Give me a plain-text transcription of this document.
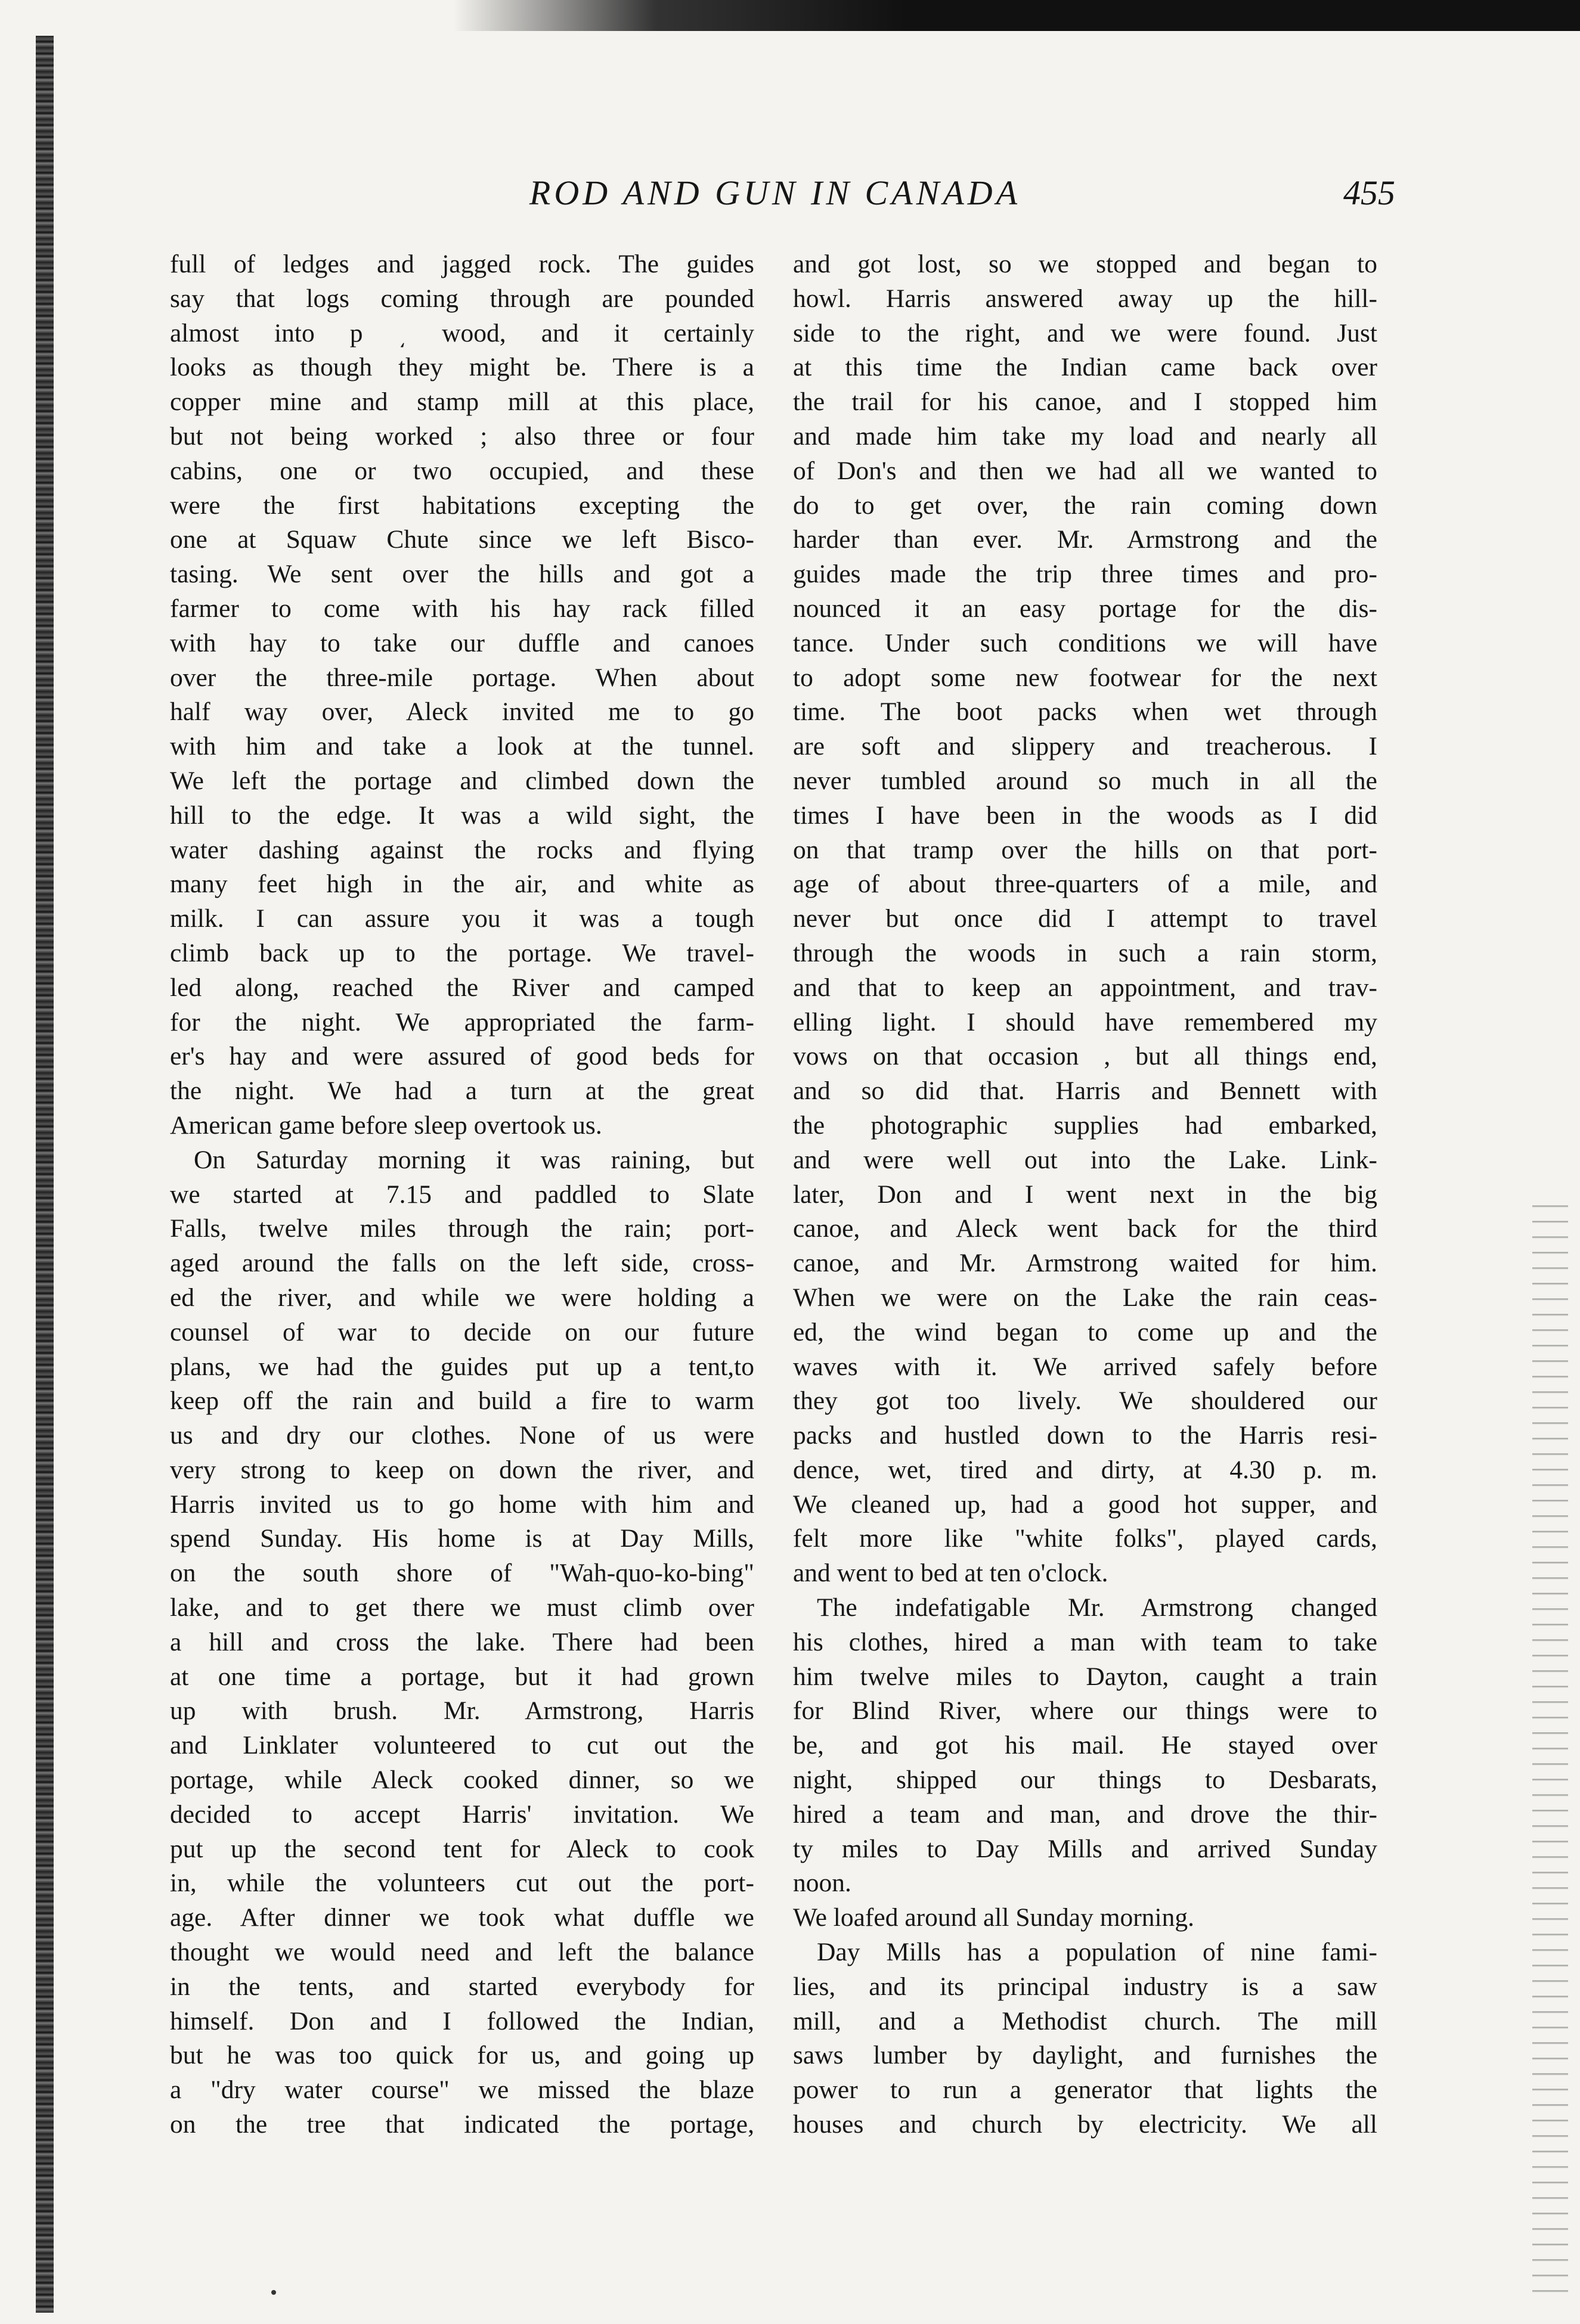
ROD AND GUN IN CANADA	455
full of ledges and jagged rock. The guides
say that logs coming through are pounded
almost into p ͵ wood, and it certainly
looks as though they might be. There is a
copper mine and stamp mill at this place,
but not being worked ; also three or four
cabins, one or two occupied, and these
were the first habitations excepting the
one at Squaw Chute since we left Bisco-
tasing. We sent over the hills and got a
farmer to come with his hay rack filled
with hay to take our duffle and canoes
over the three-mile portage. When about
half way over, Aleck invited me to go
with him and take a look at the tunnel.
We left the portage and climbed down the
hill to the edge. It was a wild sight, the
water dashing against the rocks and flying
many feet high in the air, and white as
milk. I can assure you it was a tough
climb back up to the portage. We travel-
led along, reached the River and camped
for the night. We appropriated the farm-
er's hay and were assured of good beds for
the night. We had a turn at the great
American game before sleep overtook us.
On Saturday morning it was raining, but
we started at 7.15 and paddled to Slate
Falls, twelve miles through the rain; port-
aged around the falls on the left side, cross-
ed the river, and while we were holding a
counsel of war to decide on our future
plans, we had the guides put up a tent,to
keep off the rain and build a fire to warm
us and dry our clothes. None of us were
very strong to keep on down the river, and
Harris invited us to go home with him and
spend Sunday. His home is at Day Mills,
on the south shore of "Wah-quo-ko-bing"
lake, and to get there we must climb over
a hill and cross the lake. There had been
at one time a portage, but it had grown
up with brush. Mr. Armstrong, Harris
and Linklater volunteered to cut out the
portage, while Aleck cooked dinner, so we
decided to accept Harris' invitation. We
put up the second tent for Aleck to cook
in, while the volunteers cut out the port-
age. After dinner we took what duffle we
thought we would need and left the balance
in the tents, and started everybody for
himself. Don and I followed the Indian,
but he was too quick for us, and going up
a "dry water course" we missed the blaze
on the tree that indicated the portage,
and got lost, so we stopped and began to
howl. Harris answered away up the hill-
side to the right, and we were found. Just
at this time the Indian came back over
the trail for his canoe, and I stopped him
and made him take my load and nearly all
of Don's and then we had all we wanted to
do to get over, the rain coming down
harder than ever. Mr. Armstrong and the
guides made the trip three times and pro-
nounced it an easy portage for the dis-
tance. Under such conditions we will have
to adopt some new footwear for the next
time. The boot packs when wet through
are soft and slippery and treacherous. I
never tumbled around so much in all the
times I have been in the woods as I did
on that tramp over the hills on that port-
age of about three-quarters of a mile, and
never but once did I attempt to travel
through the woods in such a rain storm,
and that to keep an appointment, and trav-
elling light. I should have remembered my
vows on that occasion , but all things end,
and so did that. Harris and Bennett with
the photographic supplies had embarked,
and were well out into the Lake. Link-
later, Don and I went next in the big
canoe, and Aleck went back for the third
canoe, and Mr. Armstrong waited for him.
When we were on the Lake the rain ceas-
ed, the wind began to come up and the
waves with it. We arrived safely before
they got too lively. We shouldered our
packs and hustled down to the Harris resi-
dence, wet, tired and dirty, at 4.30 p. m.
We cleaned up, had a good hot supper, and
felt more like "white folks", played cards,
and went to bed at ten o'clock.
The indefatigable Mr. Armstrong changed
his clothes, hired a man with team to take
him twelve miles to Dayton, caught a train
for Blind River, where our things were to
be, and got his mail. He stayed over
night, shipped our things to Desbarats,
hired a team and man, and drove the thir-
ty miles to Day Mills and arrived Sunday
noon.
We loafed around all Sunday morning.
Day Mills has a population of nine fami-
lies, and its principal industry is a saw
mill, and a Methodist church. The mill
saws lumber by daylight, and furnishes the
power to run a generator that lights the
houses and church by electricity. We all
